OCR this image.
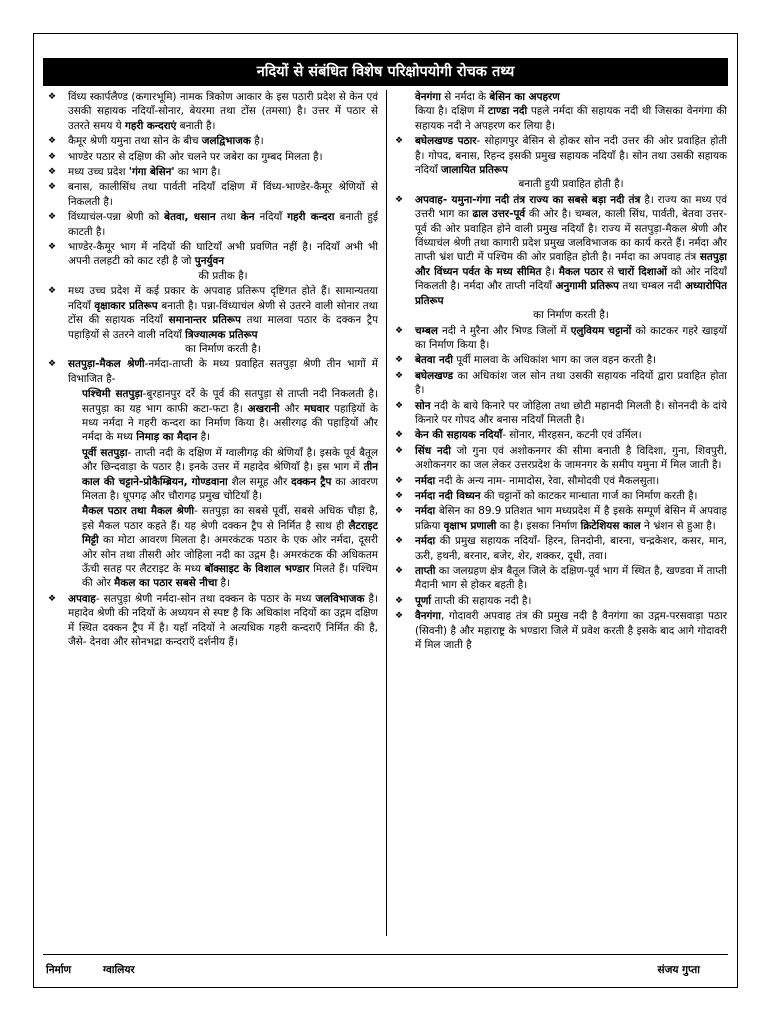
नदियों से संबंधित विशेष परिक्षोपयोगी रोचक तथ्य
❖ विंध्य स्कार्पलैण्ड (कगारभूमि) नामक त्रिकोण आकार के इस पठारी प्रदेश से केन एवं उसकी सहायक नदियाँ-सोनार, बेयरमा तथा टोंस (तमसा) है। उत्तर में पठार से उतरते समय ये गहरी कन्दराएं बनाती है।
❖ कैमूर श्रेणी यमुना तथा सोन के बीच जलद्विभाजक है।
❖ भाण्डेर पठार से दक्षिण की ओर चलने पर जबेरा का गुम्बद मिलता है।
❖ मध्य उच्च प्रदेश 'गंगा बेसिन' का भाग है।
❖ बनास, कालीसिंध तथा पार्वती नदियाँ दक्षिण में विंध्य-भाण्डेर-कैमूर श्रेणियों से निकलती है।
❖ विंध्याचंल-पन्ना श्रेणी को बेतवा, धसान तथा केन नदियाँ गहरी कन्दरा बनाती हुई काटती है।
❖ भाण्डेर-कैमूर भाग में नदियों की घाटियाँ अभी प्रवणित नहीं है। नदियाँ अभी भी अपनी तलहटी को काट रही है जो पुनर्युवन
की प्रतीक है।
❖ मध्य उच्च प्रदेश में कई प्रकार के अपवाह प्रतिरूप दृष्टिगत होते हैं। सामान्यतया नदियाँ वृक्षाकार प्रतिरूप बनाती है। पन्ना-विंध्याचंल श्रेणी से उतरने वाली सोनार तथा टोंस की सहायक नदियाँ समानान्तर प्रतिरूप तथा मालवा पठार के दक्कन ट्रैप पहाड़ियों से उतरने वाली नदियाँ त्रिज्यात्मक प्रतिरूप
का निर्माण करती है।
❖ सतपुड़ा-मैकल श्रेणी-नर्मदा-ताप्ती के मध्य प्रवाहित सतपुड़ा श्रेणी तीन भागों में विभाजित है-
पश्चिमी सतपुड़ा-बुरहानपुर दर्रे के पूर्व की सतपुड़ा से ताप्ती नदी निकलती है। सतपुड़ा का यह भाग काफी कटा-फटा है। अखरानी और मघवार पहाड़ियों के मध्य नर्मदा ने गहरी कन्दरा का निर्माण किया है। असीरगढ़ की पहाड़ियों और नर्मदा के मध्य निमाड़ का मैदान है।
पूर्वी सतपुड़ा- ताप्ती नदी के दक्षिण में ग्वालीगढ़ की श्रेणियाँ है। इसके पूर्व बैतूल और छिन्दवाड़ा के पठार है। इनके उत्तर में महादेव श्रेणियाँ है। इस भाग में तीन काल की चट्टाने-प्रोकैम्ब्रियन, गोण्डवाना शैल समूह और दक्कन ट्रैप का आवरण मिलता है। धूपगढ़ और चौरागढ़ प्रमुख चोटियाँ है।
मैकल पठार तथा मैकल श्रेणी- सतपुड़ा का सबसे पूर्वी, सबसे अधिक चौड़ा है, इसे मैकल पठार कहते हैं। यह श्रेणी दक्कन ट्रैप से निर्मित है साथ ही लैटराइट मिट्टी का मोटा आवरण मिलता है। अमरकंटक पठार के एक ओर नर्मदा, दूसरी ओर सोन तथा तीसरी ओर जोहिला नदी का उद्गम है। अमरकंटक की अधिकतम ऊँची सतह पर लैटराइट के मध्य बॉक्साइट के विशाल भण्डार मिलते हैं। पश्चिम की ओर मैकल का पठार सबसे नीचा है।
❖ अपवाह- सतपुड़ा श्रेणी नर्मदा-सोन तथा दक्कन के पठार के मध्य जलविभाजक है। महादेव श्रेणी की नदियों के अध्ययन से स्पष्ट है कि अधिकांश नदियों का उद्गम दक्षिण में स्थित दक्कन ट्रैप में है। यहाँ नदियों ने अत्यधिक गहरी कन्दराएँ निर्मित की है, जैसे- देनवा और सोनभद्रा कन्दराएँ दर्शनीय हैं।
वेनगंगा से नर्मदा के बेसिन का अपहरण
किया है। दक्षिण में टाण्डा नदी पहले नर्मदा की सहायक नदी थी जिसका वेनगंगा की सहायक नदी ने अपहरण कर लिया है।
❖ बघेलखण्ड पठार- सोहागपुर बेसिन से होकर सोन नदी उत्तर की ओर प्रवाहित होती है। गोपद, बनास, रिहन्द इसकी प्रमुख सहायक नदियाँ है। सोन तथा उसकी सहायक नदियाँ जालायित प्रतिरूप
बनाती हुयी प्रवाहित होती है।
❖ अपवाह- यमुना-गंगा नदी तंत्र राज्य का सबसे बड़ा नदी तंत्र है। राज्य का मध्य एवं उत्तरी भाग का ढाल उत्तर-पूर्व की ओर है। चम्बल, काली सिंध, पार्वती, बेतवा उत्तर-पूर्व की ओर प्रवाहित होने वाली प्रमुख नदियाँ है। राज्य में सतपुड़ा-मैकल श्रेणी और विंध्याचंल श्रेणी तथा कागारी प्रदेश प्रमुख जलविभाजक का कार्य करते हैं। नर्मदा और ताप्ती भ्रंश घाटी में पश्चिम की ओर प्रवाहित होती है। नर्मदा का अपवाह तंत्र सतपुड़ा और विंध्यन पर्वत के मध्य सीमित है। मैकल पठार से चारों दिशाओं को ओर नदियाँ निकलती है। नर्मदा और ताप्ती नदियाँ अनुगामी प्रतिरूप तथा चम्बल नदी अध्यारोपित प्रतिरूप
का निर्माण करती है।
❖ चम्बल नदी ने मुरैना और भिण्ड जिलों में एलुवियम चट्टानों को काटकर गहरे खाइयों का निर्माण किया है।
❖ बेतवा नदी पूर्वी मालवा के अधिकांश भाग का जल वहन करती है।
❖ बघेलखण्ड का अधिकांश जल सोन तथा उसकी सहायक नदियों द्वारा प्रवाहित होता है।
❖ सोन नदी के बाये किनारे पर जोहिला तथा छोटी महानदी मिलती है। सोननदी के दांये किनारे पर गोपद और बनास नदियाँ मिलती है।
❖ केन की सहायक नदियाँ- सोनार, मीरहसन, कटनी एवं उर्मिल।
❖ सिंध नदी जो गुना एवं अशोकनगर की सीमा बनाती है विदिशा, गुना, शिवपुरी, अशोकनगर का जल लेकर उत्तरप्रदेश के जामनगर के समीप यमुना में मिल जाती है।
❖ नर्मदा नदी के अन्य नाम- नामादोस, रेवा, सौमोदवी एवं मैकलसुता।
❖ नर्मदा नदी विध्यन की चट्टानों को काटकर मान्धाता गार्ज का निर्माण करती है।
❖ नर्मदा बेसिन का 89.9 प्रतिशत भाग मध्यप्रदेश में है इसके सम्पूर्ण बेसिन में अपवाह प्रक्रिया वृक्षाभ प्रणाली का है। इसका निर्माण क्रिटेशियस काल ने भ्रंशन से हुआ है।
❖ नर्मदा की प्रमुख सहायक नदियाँ- हिरन, तिनदोनी, बारना, चन्द्रकेशर, कसर, मान, ऊरी, हथनी, बरनार, बजेर, शेर, शक्कर, दूधी, तवा।
❖ ताप्ती का जलग्रहण क्षेत्र बैतूल जिले के दक्षिण-पूर्व भाग में स्थित है, खण्डवा में ताप्ती मैदानी भाग से होकर बहती है।
❖ पूर्णा ताप्ती की सहायक नदी है।
❖ वैनगंगा, गोदावरी अपवाह तंत्र की प्रमुख नदी है वैनगंगा का उद्गम-परसवाड़ा पठार (सिवनी) है और महाराष्ट्र के भण्डारा जिले में प्रवेश करती है इसके बाद आगे गोदावरी में मिल जाती है
निर्माण	ग्वालियर	संजय गुप्ता
